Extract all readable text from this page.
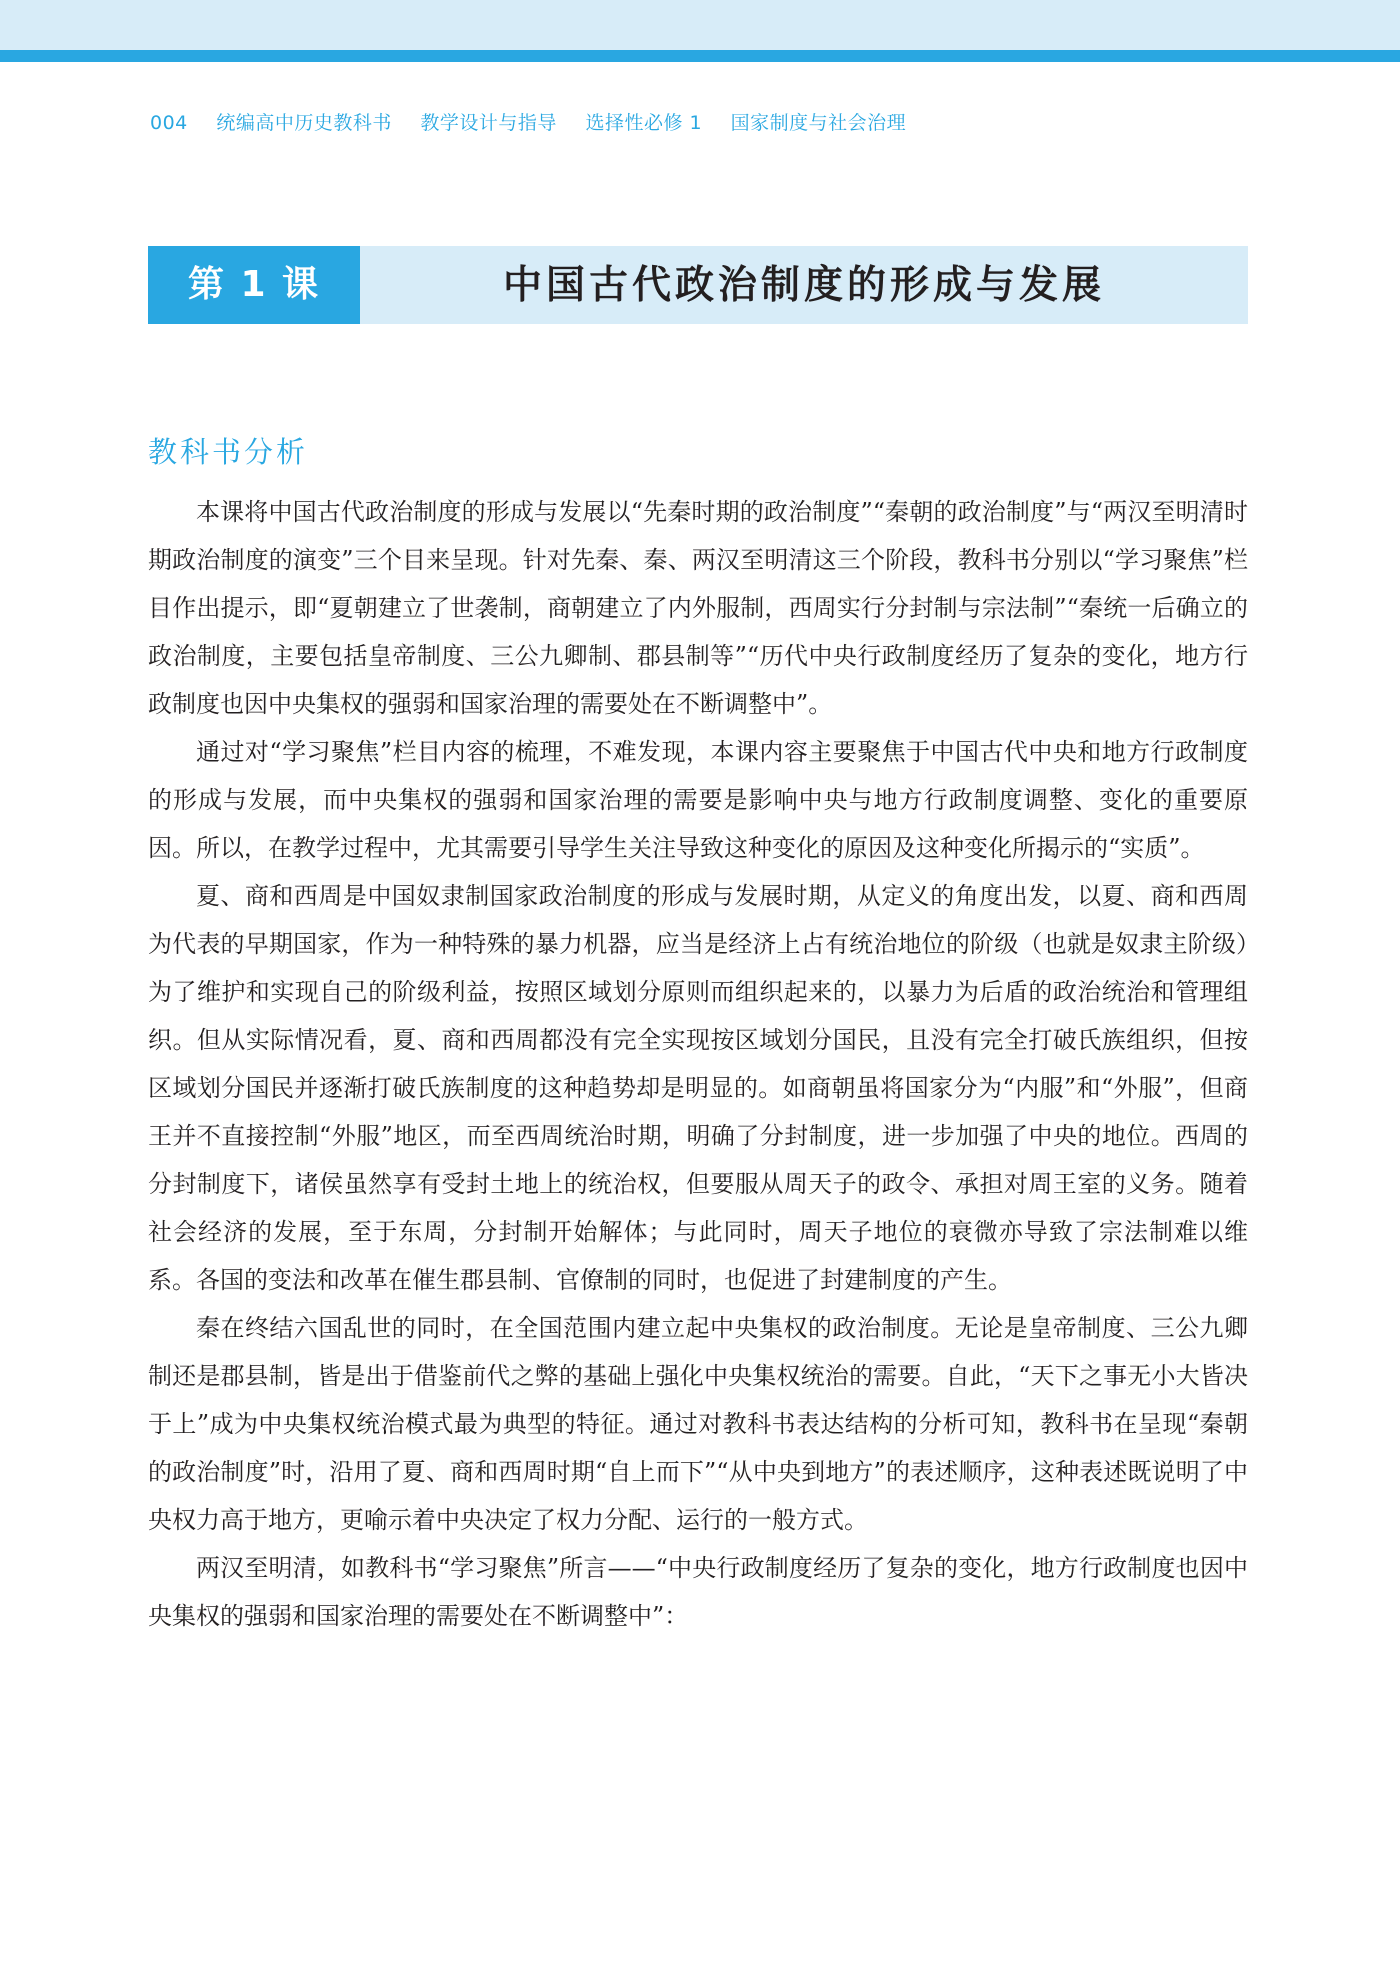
004 统编高中历史教科书 教学设计与指导 选择性必修 1 国家制度与社会治理
第 1 课	中国古代政治制度的形成与发展
教科书分析

本课将中国古代政治制度的形成与发展以“先秦时期的政治制度”“秦朝的政治制度”与“两汉至明清时期政治制度的演变”三个目来呈现。针对先秦、秦、两汉至明清这三个阶段，教科书分别以“学习聚焦”栏目作出提示，即“夏朝建立了世袭制，商朝建立了内外服制，西周实行分封制与宗法制”“秦统一后确立的政治制度，主要包括皇帝制度、三公九卿制、郡县制等”“历代中央行政制度经历了复杂的变化，地方行政制度也因中央集权的强弱和国家治理的需要处在不断调整中”。

通过对“学习聚焦”栏目内容的梳理，不难发现，本课内容主要聚焦于中国古代中央和地方行政制度的形成与发展，而中央集权的强弱和国家治理的需要是影响中央与地方行政制度调整、变化的重要原因。所以，在教学过程中，尤其需要引导学生关注导致这种变化的原因及这种变化所揭示的“实质”。

夏、商和西周是中国奴隶制国家政治制度的形成与发展时期，从定义的角度出发，以夏、商和西周为代表的早期国家，作为一种特殊的暴力机器，应当是经济上占有统治地位的阶级（也就是奴隶主阶级）为了维护和实现自己的阶级利益，按照区域划分原则而组织起来的，以暴力为后盾的政治统治和管理组织。但从实际情况看，夏、商和西周都没有完全实现按区域划分国民，且没有完全打破氏族组织，但按区域划分国民并逐渐打破氏族制度的这种趋势却是明显的。如商朝虽将国家分为“内服”和“外服”，但商王并不直接控制“外服”地区，而至西周统治时期，明确了分封制度，进一步加强了中央的地位。西周的分封制度下，诸侯虽然享有受封土地上的统治权，但要服从周天子的政令、承担对周王室的义务。随着社会经济的发展，至于东周，分封制开始解体；与此同时，周天子地位的衰微亦导致了宗法制难以维系。各国的变法和改革在催生郡县制、官僚制的同时，也促进了封建制度的产生。

秦在终结六国乱世的同时，在全国范围内建立起中央集权的政治制度。无论是皇帝制度、三公九卿制还是郡县制，皆是出于借鉴前代之弊的基础上强化中央集权统治的需要。自此，“天下之事无小大皆决于上”成为中央集权统治模式最为典型的特征。通过对教科书表达结构的分析可知，教科书在呈现“秦朝的政治制度”时，沿用了夏、商和西周时期“自上而下”“从中央到地方”的表述顺序，这种表述既说明了中央权力高于地方，更喻示着中央决定了权力分配、运行的一般方式。

两汉至明清，如教科书“学习聚焦”所言——“中央行政制度经历了复杂的变化，地方行政制度也因中央集权的强弱和国家治理的需要处在不断调整中”：
